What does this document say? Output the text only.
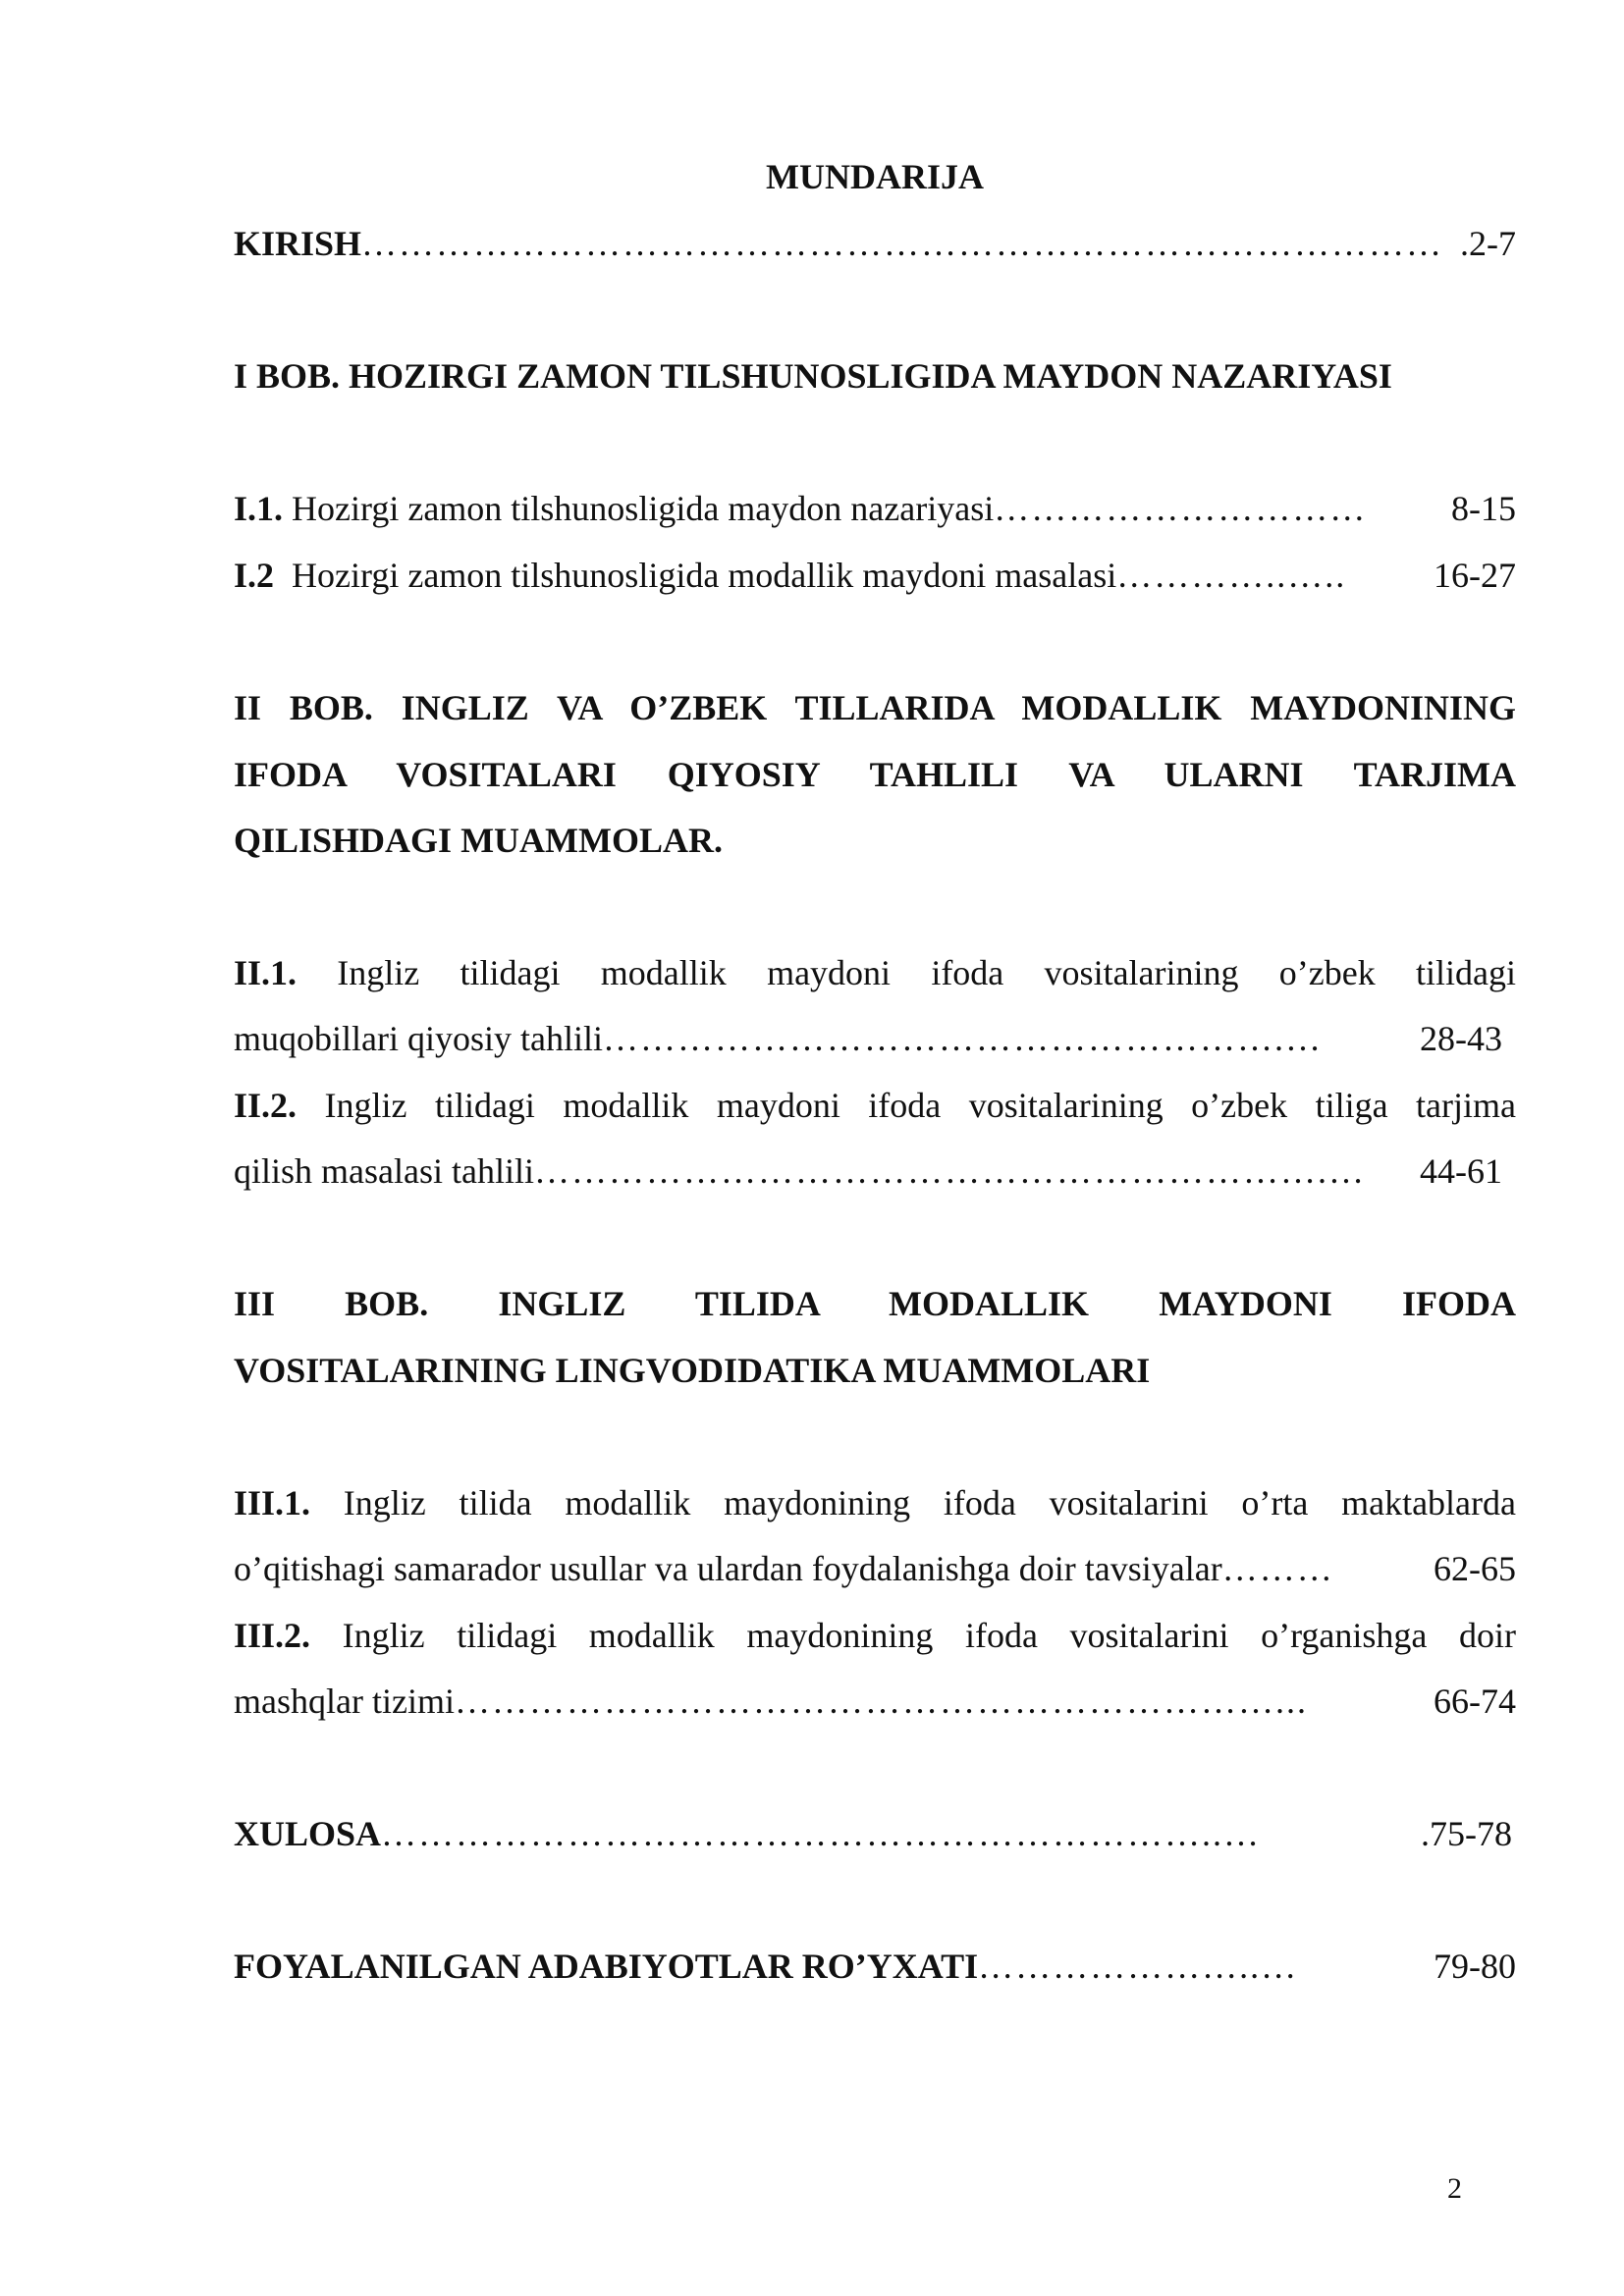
MUNDARIJA
KIRISH …………………………………………………………………………… .2-7
I BOB. HOZIRGI ZAMON TILSHUNOSLIGIDA MAYDON NAZARIYASI
I.1. Hozirgi zamon tilshunosligida maydon nazariyasi …………………………	8-15
I.2  Hozirgi zamon tilshunosligida modallik maydoni masalasi …………..…..	16-27
II BOB. INGLIZ VA O’ZBEK TILLARIDA MODALLIK MAYDONINING
IFODA VOSITALARI QIYOSIY TAHLILI VA ULARNI TARJIMA
QILISHDAGI MUAMMOLAR.
II.1. Ingliz tilidagi modallik maydoni ifoda vositalarining o’zbek tilidagi
muqobillari qiyosiy tahlili ……………………………………………….…	28-43
II.2. Ingliz tilidagi modallik maydoni ifoda vositalarining o’zbek tiliga tarjima
qilish masalasi tahlili ……………………………………………………….…	44-61
III BOB. INGLIZ TILIDA MODALLIK MAYDONI IFODA
VOSITALARINING LINGVODIDATIKA MUAMMOLARI
III.1. Ingliz tilida modallik maydonining ifoda vositalarini o’rta maktablarda
o’qitishagi samarador usullar va ulardan foydalanishga doir tavsiyalar ………	62-65
III.2. Ingliz tilidagi modallik maydonining ifoda vositalarini o’rganishga doir
mashqlar tizimi …………………………………………………………...	66-74
XULOSA …………………………………………………………..…	.75-78
FOYALANILGAN ADABIYOTLAR RO’YXATI …………………..…	79-80
2
